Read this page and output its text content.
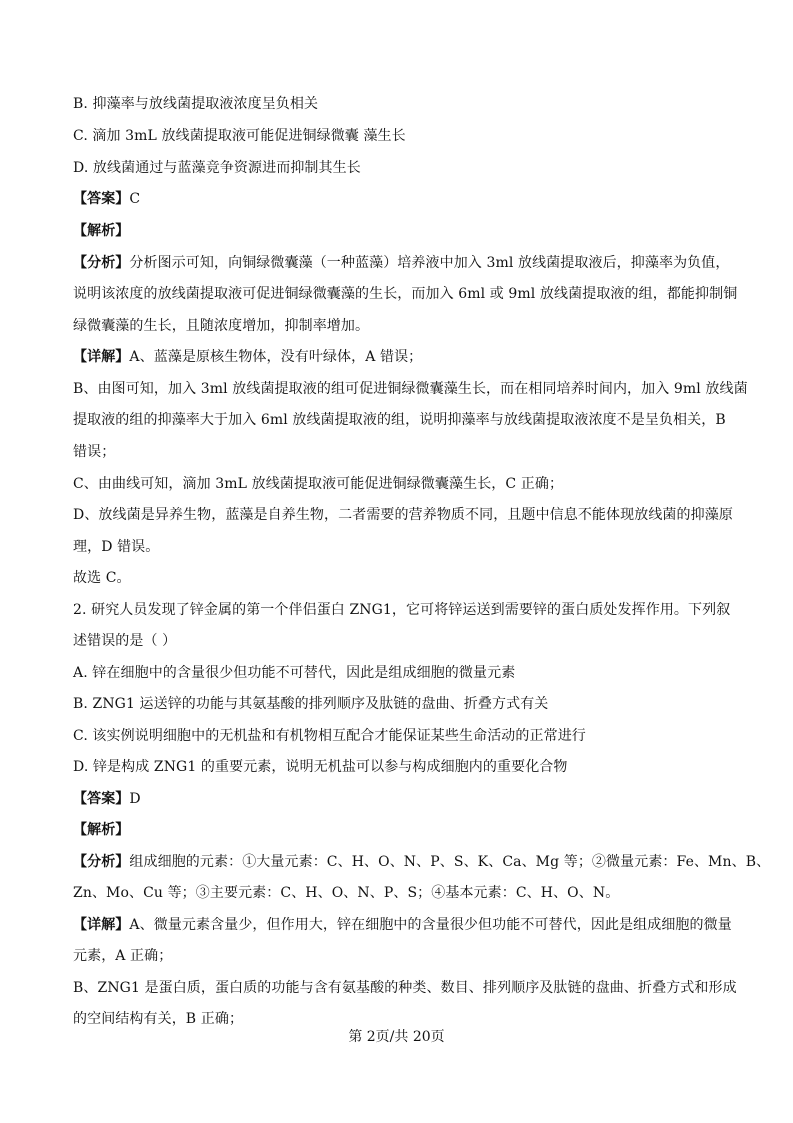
B. 抑藻率与放线菌提取液浓度呈负相关
C. 滴加 3mL 放线菌提取液可能促进铜绿微囊 藻生长
D. 放线菌通过与蓝藻竞争资源进而抑制其生长
【答案】C
【解析】
【分析】分析图示可知，向铜绿微囊藻（一种蓝藻）培养液中加入 3ml 放线菌提取液后，抑藻率为负值，
说明该浓度的放线菌提取液可促进铜绿微囊藻的生长，而加入 6ml 或 9ml 放线菌提取液的组，都能抑制铜
绿微囊藻的生长，且随浓度增加，抑制率增加。
【详解】A、蓝藻是原核生物体，没有叶绿体，A 错误；
B、由图可知，加入 3ml 放线菌提取液的组可促进铜绿微囊藻生长，而在相同培养时间内，加入 9ml 放线菌
提取液的组的抑藻率大于加入 6ml 放线菌提取液的组，说明抑藻率与放线菌提取液浓度不是呈负相关，B
错误；
C、由曲线可知，滴加 3mL 放线菌提取液可能促进铜绿微囊藻生长，C 正确；
D、放线菌是异养生物，蓝藻是自养生物，二者需要的营养物质不同，且题中信息不能体现放线菌的抑藻原
理，D 错误。
故选 C。
2. 研究人员发现了锌金属的第一个伴侣蛋白 ZNG1，它可将锌运送到需要锌的蛋白质处发挥作用。下列叙
述错误的是（ ）
A. 锌在细胞中的含量很少但功能不可替代，因此是组成细胞的微量元素
B. ZNG1 运送锌的功能与其氨基酸的排列顺序及肽链的盘曲、折叠方式有关
C. 该实例说明细胞中的无机盐和有机物相互配合才能保证某些生命活动的正常进行
D. 锌是构成 ZNG1 的重要元素，说明无机盐可以参与构成细胞内的重要化合物
【答案】D
【解析】
【分析】组成细胞的元素：①大量元素：C、H、O、N、P、S、K、Ca、Mg 等；②微量元素：Fe、Mn、B、
Zn、Mo、Cu 等；③主要元素：C、H、O、N、P、S；④基本元素：C、H、O、N。
【详解】A、微量元素含量少，但作用大，锌在细胞中的含量很少但功能不可替代，因此是组成细胞的微量
元素，A 正确；
B、ZNG1 是蛋白质，蛋白质的功能与含有氨基酸的种类、数目、排列顺序及肽链的盘曲、折叠方式和形成
的空间结构有关，B 正确；
第 2页/共 20页
